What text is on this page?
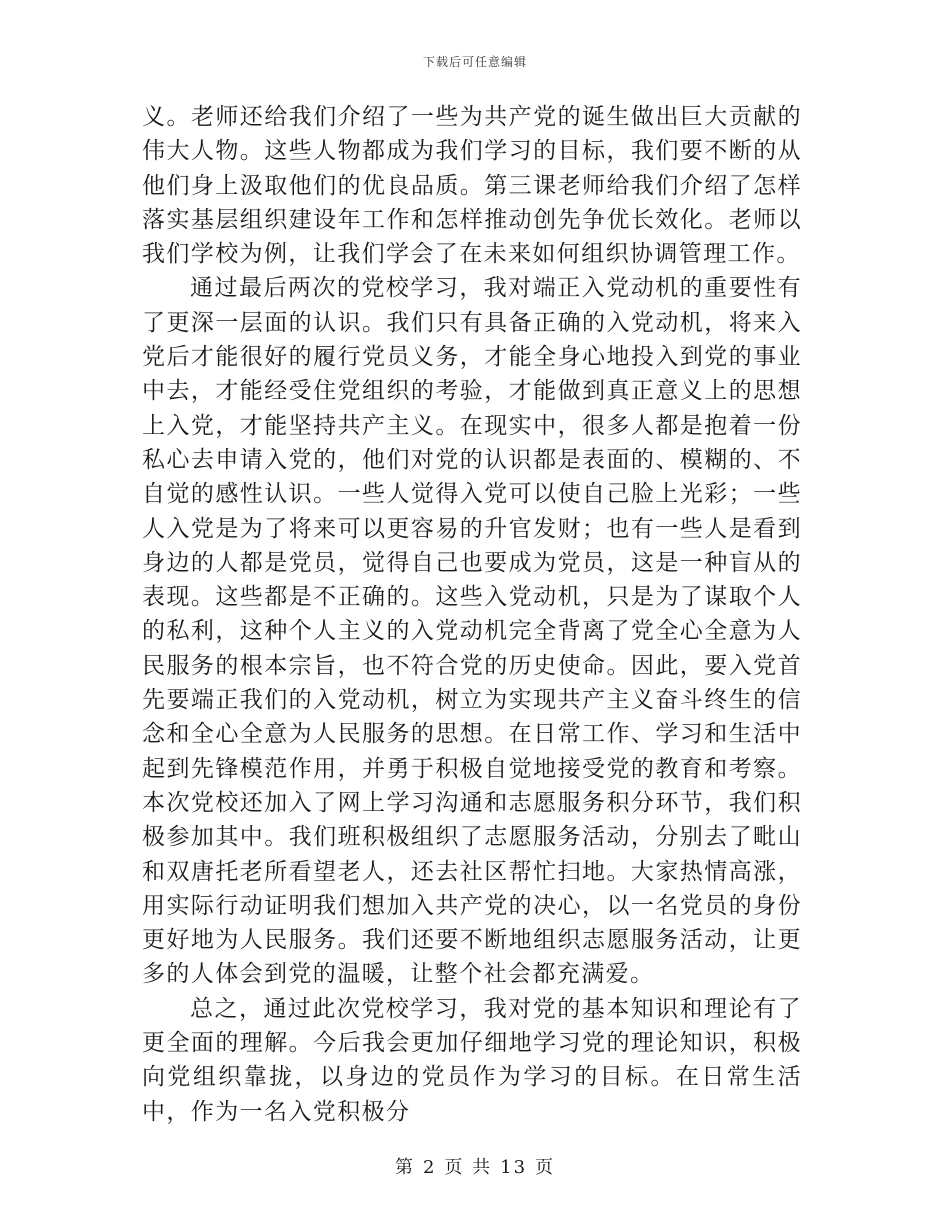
下载后可任意编辑

义。老师还给我们介绍了一些为共产党的诞生做出巨大贡献的伟大人物。这些人物都成为我们学习的目标，我们要不断的从他们身上汲取他们的优良品质。第三课老师给我们介绍了怎样落实基层组织建设年工作和怎样推动创先争优长效化。老师以我们学校为例，让我们学会了在未来如何组织协调管理工作。

通过最后两次的党校学习，我对端正入党动机的重要性有了更深一层面的认识。我们只有具备正确的入党动机，将来入党后才能很好的履行党员义务，才能全身心地投入到党的事业中去，才能经受住党组织的考验，才能做到真正意义上的思想上入党，才能坚持共产主义。在现实中，很多人都是抱着一份私心去申请入党的，他们对党的认识都是表面的、模糊的、不自觉的感性认识。一些人觉得入党可以使自己脸上光彩；一些人入党是为了将来可以更容易的升官发财；也有一些人是看到身边的人都是党员，觉得自己也要成为党员，这是一种盲从的表现。这些都是不正确的。这些入党动机，只是为了谋取个人的私利，这种个人主义的入党动机完全背离了党全心全意为人民服务的根本宗旨，也不符合党的历史使命。因此，要入党首先要端正我们的入党动机，树立为实现共产主义奋斗终生的信念和全心全意为人民服务的思想。在日常工作、学习和生活中起到先锋模范作用，并勇于积极自觉地接受党的教育和考察。本次党校还加入了网上学习沟通和志愿服务积分环节，我们积极参加其中。我们班积极组织了志愿服务活动，分别去了毗山和双唐托老所看望老人，还去社区帮忙扫地。大家热情高涨，用实际行动证明我们想加入共产党的决心，以一名党员的身份更好地为人民服务。我们还要不断地组织志愿服务活动，让更多的人体会到党的温暖，让整个社会都充满爱。

总之，通过此次党校学习，我对党的基本知识和理论有了更全面的理解。今后我会更加仔细地学习党的理论知识，积极向党组织靠拢，以身边的党员作为学习的目标。在日常生活中，作为一名入党积极分

第 2 页 共 13 页
